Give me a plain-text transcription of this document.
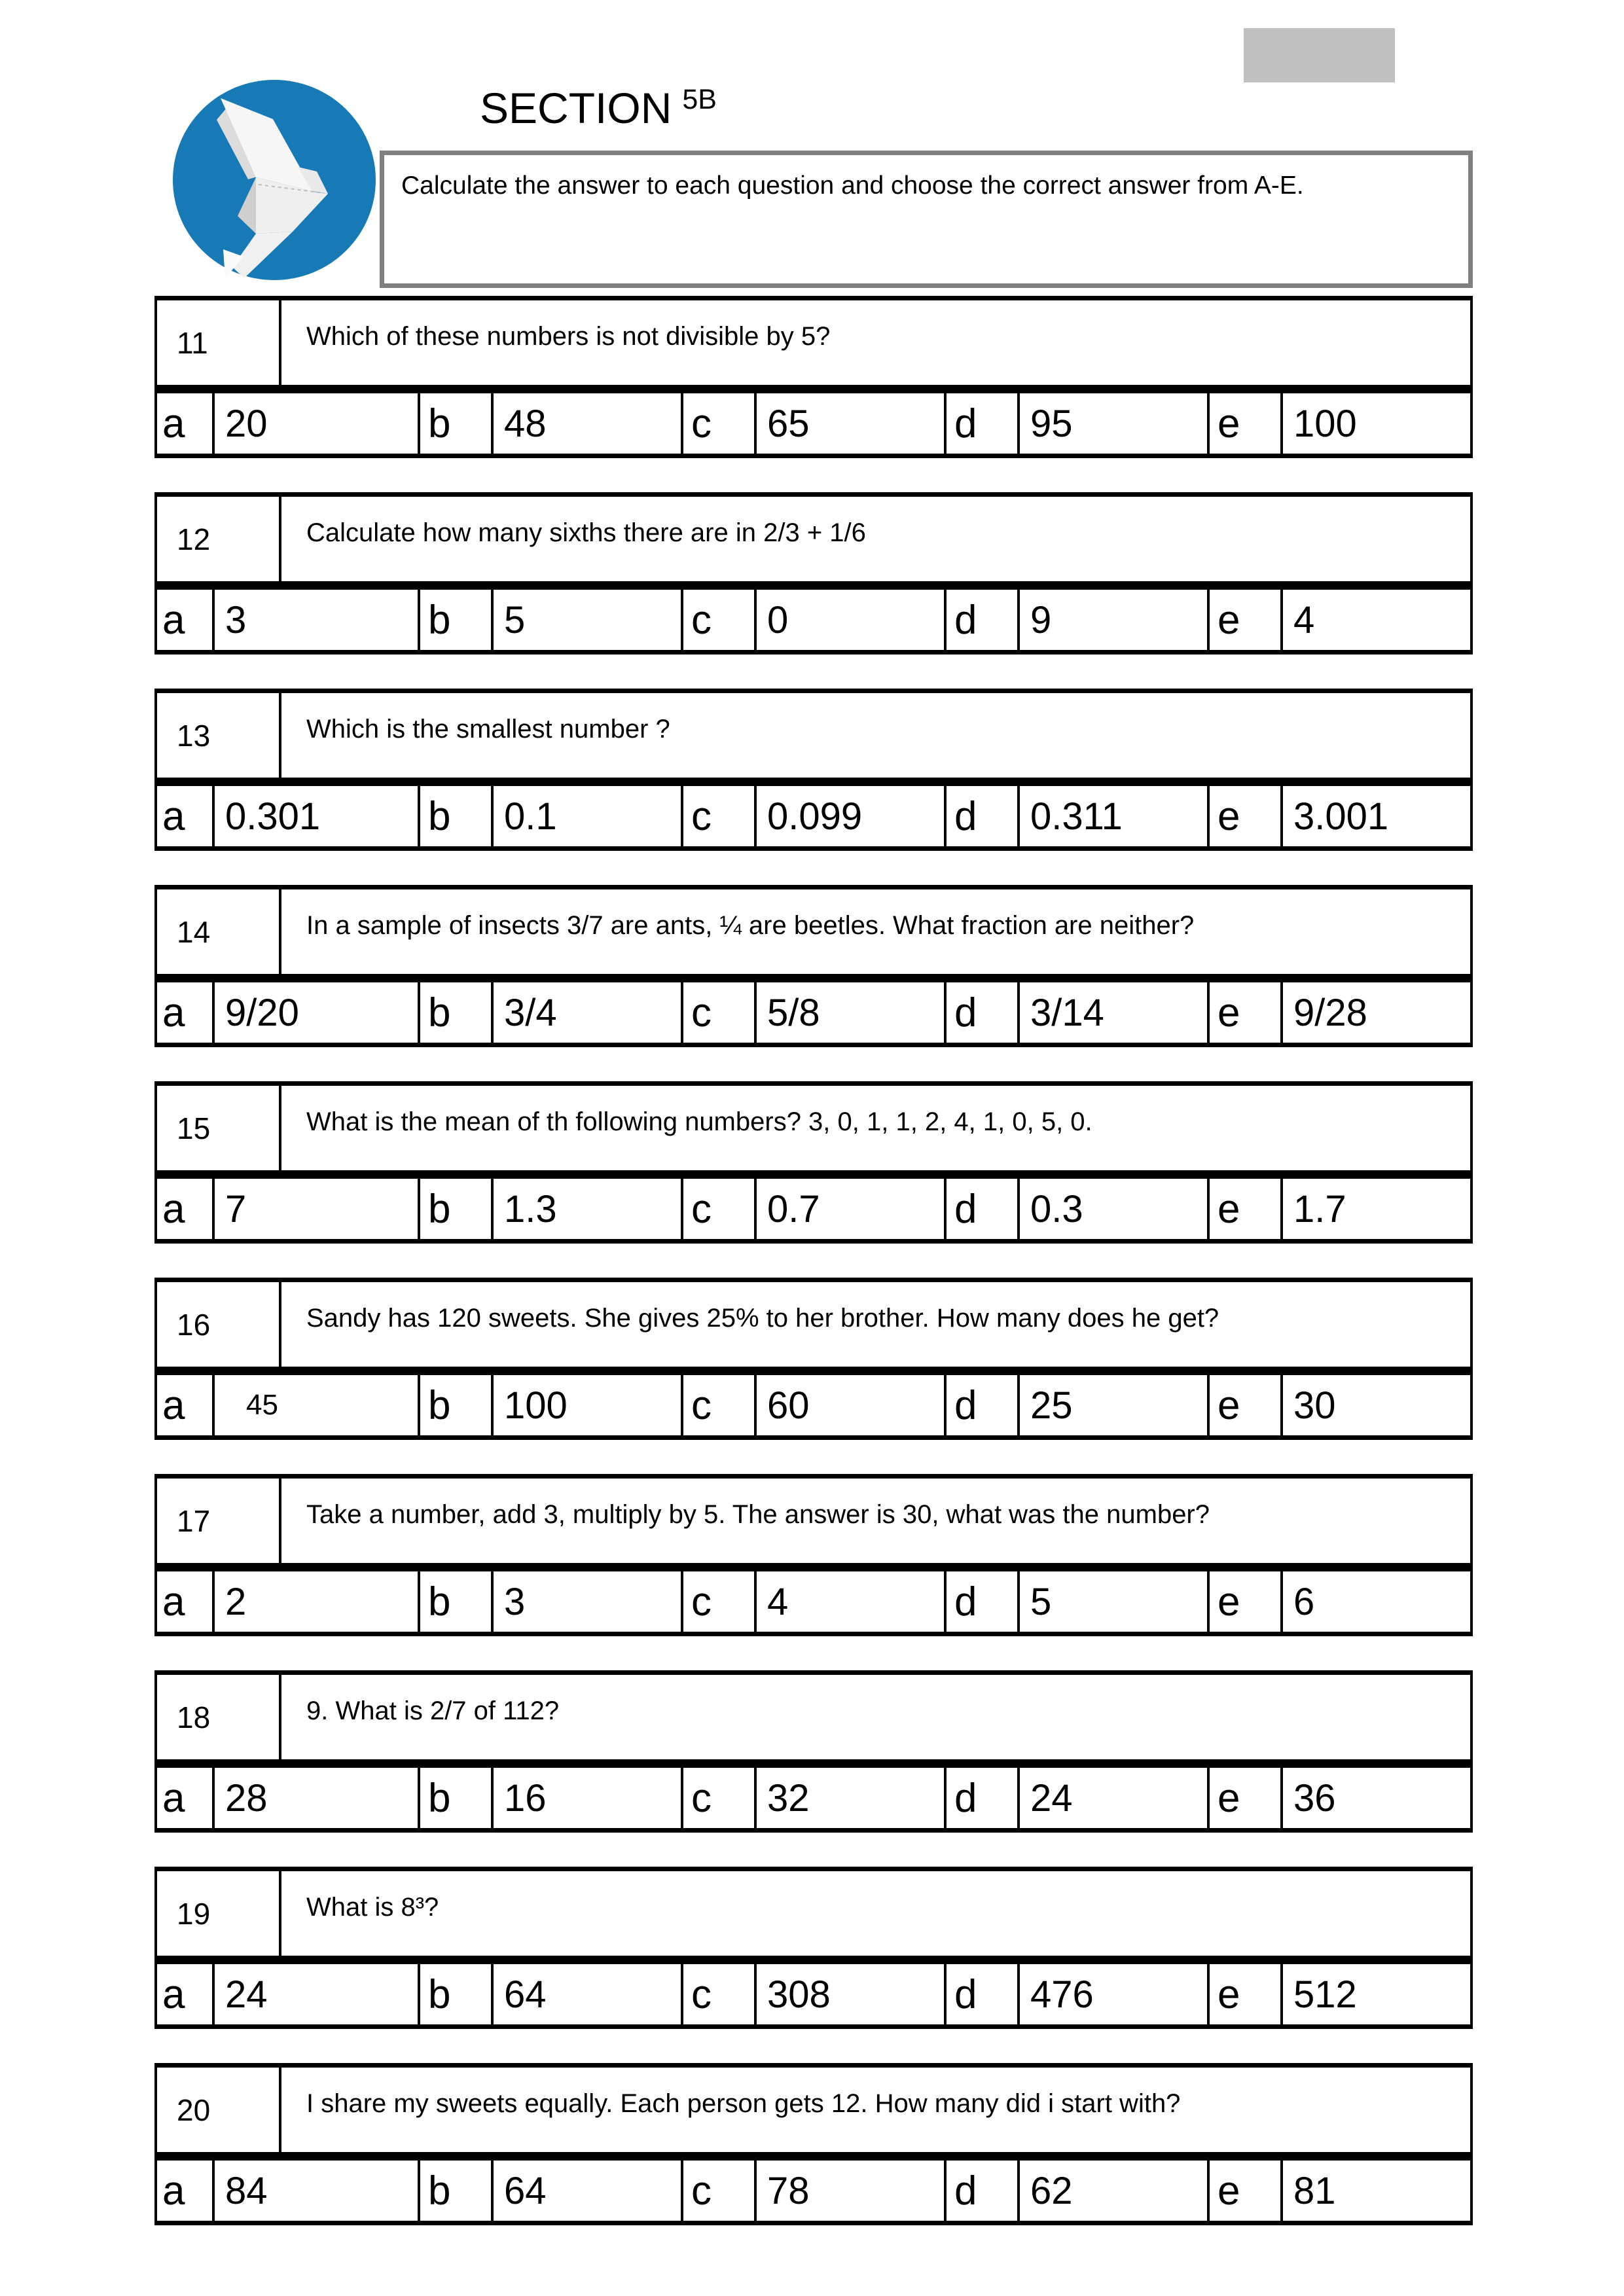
SECTION $^{5B}$
Calculate the answer to each question and choose the correct answer from A-E.
11	Which of these numbers is not divisible by 5?
a	20	b	48	c	65	d	95	e	100
12	Calculate how many sixths there are in 2/3 + 1/6
a	3	b	5	c	0	d	9	e	4
13	Which is the smallest number ?
a	0.301	b	0.1	c	0.099	d	0.311	e	3.001
14	In a sample of insects 3/7 are ants, ¼ are beetles. What fraction are neither?
a	9/20	b	3/4	c	5/8	d	3/14	e	9/28
15	What is the mean of th following numbers? 3, 0, 1, 1, 2, 4, 1, 0, 5, 0.
a	7	b	1.3	c	0.7	d	0.3	e	1.7
16	Sandy has 120 sweets. She gives 25% to her brother. How many does he get?
a	45	b	100	c	60	d	25	e	30
17	Take a number, add 3, multiply by 5. The answer is 30, what was the number?
a	2	b	3	c	4	d	5	e	6
18	9. What is 2/7 of 112?
a	28	b	16	c	32	d	24	e	36
19	What is 8³?
a	24	b	64	c	308	d	476	e	512
20	I share my sweets equally. Each person gets 12. How many did i start with?
a	84	b	64	c	78	d	62	e	81
